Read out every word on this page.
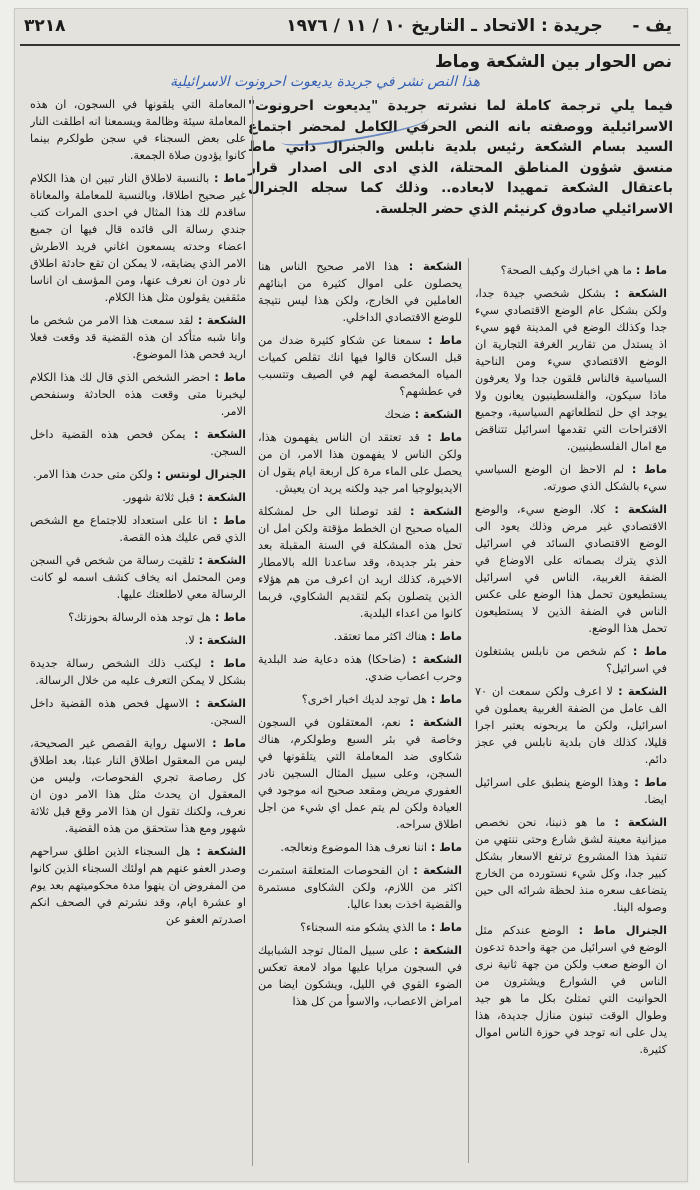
٣٢١٨	يف -     جريدة : الاتحاد ـ التاريخ ١٠ / ١١ / ١٩٧٦
نص الحوار بين الشكعة وماط
هذا النص نشر في جريدة يديعوت احرونوت الاسرائيلية
فيما يلي ترجمة كاملة لما نشرته جريدة "يديعوت احرونوت" الاسرائيلية ووصفته بانه النص الحرفي الكامل لمحضر اجتماع السيد بسام الشكعة رئيس بلدية نابلس والجنرال داني ماط منسق شؤون المناطق المحتلة، الذي ادى الى اصدار قرار باعتقال الشكعة تمهيدا لابعاده.. وذلك كما سجله الجنرال الاسرائيلي صادوق كرنيئم الذي حضر الجلسة.

ماط : ما هي اخبارك وكيف الصحة؟

الشكعة : بشكل شخصي جيدة جدا، ولكن بشكل عام الوضع الاقتصادي سيء جدا وكذلك الوضع في المدينة فهو سيء اذ يستدل من تقارير الغرفة التجارية ان الوضع الاقتصادي سيء ومن الناحية السياسية فالناس قلقون جدا ولا يعرفون ماذا سيكون، والفلسطينيون يعانون ولا يوجد اي حل لتطلعاتهم السياسية، وجميع الاقتراحات التي تقدمها اسرائيل تتناقض مع امال الفلسطينيين.

ماط : لم الاحظ ان الوضع السياسي سيء بالشكل الذي صورته.

الشكعة : كلا، الوضع سيء، والوضع الاقتصادي غير مرض وذلك يعود الى الوضع الاقتصادي السائد في اسرائيل الذي يترك بصماته على الاوضاع في الضفة الغربية، الناس في اسرائيل يستطيعون تحمل هذا الوضع على عكس الناس في الضفة الذين لا يستطيعون تحمل هذا الوضع.

ماط : كم شخص من نابلس يشتغلون في اسرائيل؟

الشكعة : لا اعرف ولكن سمعت ان ٧٠ الف عامل من الضفة الغربية يعملون في اسرائيل، ولكن ما يربحونه يعتبر اجرا قليلا، كذلك فان بلدية نابلس في عجز دائم.

ماط : وهذا الوضع ينطبق على اسرائيل ايضا.

الشكعة : ما هو ذنبنا، نحن نخصص ميزانية معينة لشق شارع وحتى ننتهي من تنفيذ هذا المشروع ترتفع الاسعار بشكل كبير جدا، وكل شيء نستورده من الخارج يتضاعف سعره منذ لحظة شرائه الى حين وصوله الينا.

الجنرال ماط : الوضع عندكم مثل الوضع في اسرائيل من جهة واحدة تدعون ان الوضع صعب ولكن من جهة ثانية نرى الناس في الشوارع ويشترون من الحوانيت التي تمتلئ بكل ما هو جيد وطوال الوقت تبنون منازل جديدة، هذا يدل على انه توجد في حوزة الناس اموال كثيرة.

الشكعة : هذا الامر صحيح الناس هنا يحصلون على اموال كثيرة من ابنائهم العاملين في الخارج، ولكن هذا ليس نتيجة للوضع الاقتصادي الداخلي.

ماط : سمعنا عن شكاو كثيرة ضدك من قبل السكان قالوا فيها انك تقلص كميات المياه المخصصة لهم في الصيف وتتسبب في عطشهم؟

الشكعة : ضحك

ماط : قد تعتقد ان الناس يفهمون هذا، ولكن الناس لا يفهمون هذا الامر، ان من يحصل على الماء مرة كل اربعة ايام يقول ان الايديولوجيا امر جيد ولكنه يريد ان يعيش.

الشكعة : لقد توصلنا الى حل لمشكلة المياه صحيح ان الخطط مؤقتة ولكن امل ان تحل هذه المشكلة في السنة المقبلة بعد حفر بئر جديدة، وقد ساعدنا الله بالامطار الاخيرة، كذلك اريد ان اعرف من هم هؤلاء الذين يتصلون بكم لتقديم الشكاوي، فربما كانوا من اعداء البلدية.

ماط : هناك اكثر مما تعتقد.

الشكعة : (ضاحكا) هذه دعاية ضد البلدية وحرب اعصاب ضدي.

ماط : هل توجد لديك اخبار اخرى؟

الشكعة : نعم، المعتقلون في السجون وخاصة في بئر السبع وطولكرم، هناك شكاوى ضد المعاملة التي يتلقونها في السجن، وعلى سبيل المثال السجين نادر العفوري مريض ومقعد صحيح انه موجود في العيادة ولكن لم يتم عمل اي شيء من اجل اطلاق سراحه.

ماط : اننا نعرف هذا الموضوع ونعالجه.

الشكعة : ان الفحوصات المتعلقة استمرت اكثر من اللازم، ولكن الشكاوى مستمرة والقضية اخذت بعدا عاليا.

ماط : ما الذي يشكو منه السجناء؟

الشكعة : على سبيل المثال توجد الشبابيك في السجون مرايا عليها مواد لامعة تعكس الضوء القوي في الليل، ويشكون ايضا من امراض الاعصاب، والاسوأ من كل هذا

المعاملة التي يلقونها في السجون، ان هذه المعاملة سيئة وظالمة ويسمعنا انه اطلقت النار على بعض السجناء في سجن طولكرم بينما كانوا يؤدون صلاة الجمعة.

ماط : بالنسبة لاطلاق النار تبين ان هذا الكلام غير صحيح اطلاقا، وبالنسبة للمعاملة والمعاناة ساقدم لك هذا المثال في احدى المرات كتب جندي رسالة الى قائده قال فيها ان جميع اعضاء وحدته يسمعون اغاني فريد الاطرش الامر الذي يضايقه، لا يمكن ان تقع حادثة اطلاق نار دون ان نعرف عنها، ومن المؤسف ان اناسا مثقفين يقولون مثل هذا الكلام.

الشكعة : لقد سمعت هذا الامر من شخص ما وانا شبه متأكد ان هذه القضية قد وقعت فعلا اريد فحص هذا الموضوع.

ماط : احضر الشخص الذي قال لك هذا الكلام ليخبرنا متى وقعت هذه الحادثة وسنفحص الامر.

الشكعة : يمكن فحص هذه القضية داخل السجن.

الجنرال لونتس : ولكن متى حدث هذا الامر.

الشكعة : قبل ثلاثة شهور.

ماط : انا على استعداد للاجتماع مع الشخص الذي قص عليك هذه القصة.

الشكعة : تلقيت رسالة من شخص في السجن ومن المحتمل انه يخاف كشف اسمه لو كانت الرسالة معي لاطلعتك عليها.

ماط : هل توجد هذه الرسالة بحوزتك؟

الشكعة : لا.

ماط : ليكتب ذلك الشخص رسالة جديدة بشكل لا يمكن التعرف عليه من خلال الرسالة.

الشكعة : الاسهل فحص هذه القضية داخل السجن.

ماط : الاسهل رواية القصص غير الصحيحة، ليس من المعقول اطلاق النار عبثا، بعد اطلاق كل رصاصة تجري الفحوصات، وليس من المعقول ان يحدث مثل هذا الامر دون ان نعرف، ولكنك تقول ان هذا الامر وقع قبل ثلاثة شهور ومع هذا ستحقق من هذه القضية.

الشكعة : هل السجناء الذين اطلق سراحهم وصدر العفو عنهم هم اولئك السجناء الذين كانوا من المفروض ان ينهوا مدة محكوميتهم بعد يوم او عشرة ايام، وقد نشرتم في الصحف انكم اصدرتم العفو عن
